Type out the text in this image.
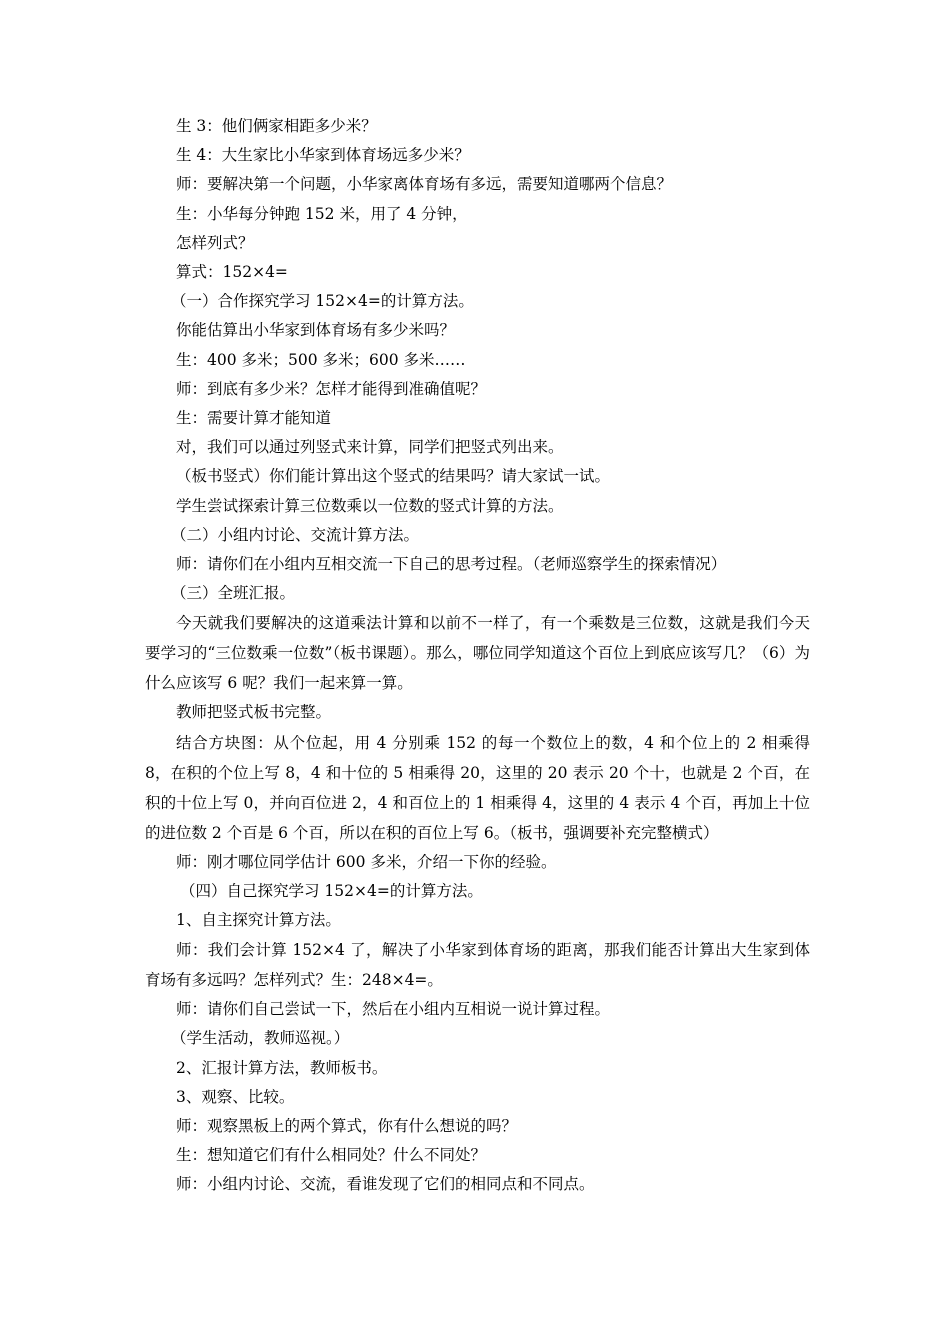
生 3：他们俩家相距多少米？

生 4：大生家比小华家到体育场远多少米？

师：要解决第一个问题，小华家离体育场有多远，需要知道哪两个信息？

生：小华每分钟跑 152 米，用了 4 分钟，

怎样列式？

算式：152×4=

（一）合作探究学习 152×4=的计算方法。

你能估算出小华家到体育场有多少米吗？

生：400 多米；500 多米；600 多米……

师：到底有多少米？怎样才能得到准确值呢？

生：需要计算才能知道

对，我们可以通过列竖式来计算，同学们把竖式列出来。

（板书竖式）你们能计算出这个竖式的结果吗？请大家试一试。

学生尝试探索计算三位数乘以一位数的竖式计算的方法。

（二）小组内讨论、交流计算方法。

师：请你们在小组内互相交流一下自己的思考过程。（老师巡察学生的探索情况）

（三）全班汇报。

今天就我们要解决的这道乘法计算和以前不一样了，有一个乘数是三位数，这就是我们今天要学习的“三位数乘一位数”（板书课题）。那么，哪位同学知道这个百位上到底应该写几？（6）为什么应该写 6 呢？我们一起来算一算。

教师把竖式板书完整。

结合方块图：从个位起，用 4 分别乘 152 的每一个数位上的数，4 和个位上的 2 相乘得 8，在积的个位上写 8，4 和十位的 5 相乘得 20，这里的 20 表示 20 个十，也就是 2 个百，在积的十位上写 0，并向百位进 2，4 和百位上的 1 相乘得 4，这里的 4 表示 4 个百，再加上十位的进位数 2 个百是 6 个百，所以在积的百位上写 6。（板书，强调要补充完整横式）

师：刚才哪位同学估计 600 多米，介绍一下你的经验。

（四）自己探究学习 152×4=的计算方法。

1、自主探究计算方法。

师：我们会计算 152×4 了，解决了小华家到体育场的距离，那我们能否计算出大生家到体育场有多远吗？怎样列式？生：248×4=。

师：请你们自己尝试一下，然后在小组内互相说一说计算过程。

（学生活动，教师巡视。）

2、汇报计算方法，教师板书。

3、观察、比较。

师：观察黑板上的两个算式，你有什么想说的吗？

生：想知道它们有什么相同处？什么不同处？

师：小组内讨论、交流，看谁发现了它们的相同点和不同点。
